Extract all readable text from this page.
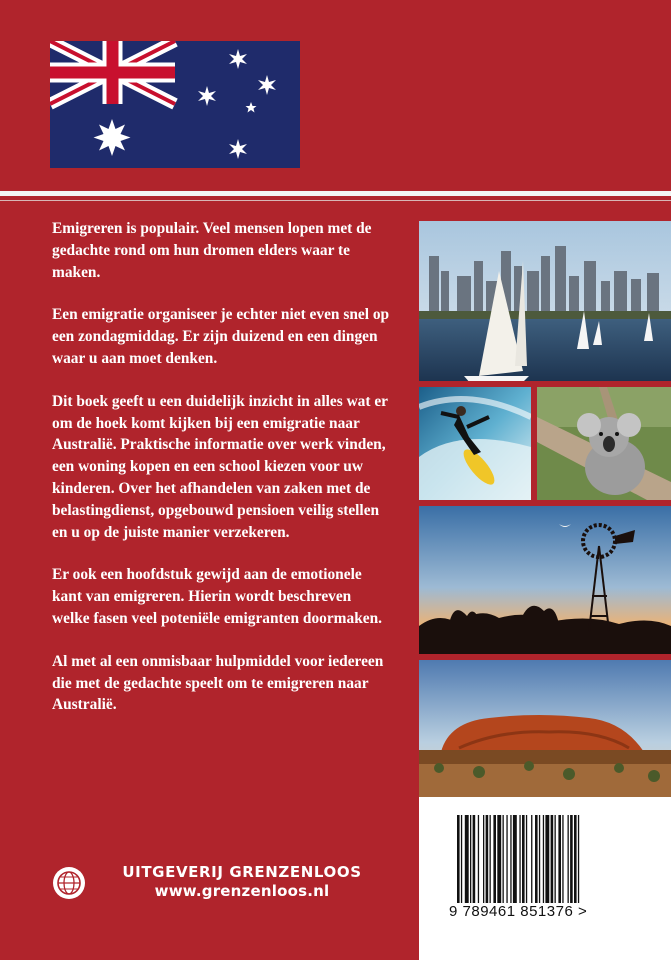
Emigreren is populair. Veel mensen lopen met de gedachte rond om hun dromen elders waar te maken.

Een emigratie organiseer je echter niet even snel op een zondagmiddag. Er zijn duizend en een dingen waar u aan moet denken.

Dit boek geeft u een duidelijk inzicht in alles wat er om de hoek komt kijken bij een emigratie naar Australië. Praktische informatie over werk vinden, een woning kopen en een school kiezen voor uw kinderen. Over het afhandelen van zaken met de belastingdienst, opgebouwd pensioen veilig stellen en u op de juiste manier verzekeren.

Er ook een hoofdstuk gewijd aan de emotionele kant van emigreren. Hierin wordt beschreven welke fasen veel poteniële emigranten doormaken.

Al met al een onmisbaar hulpmiddel voor iedereen die met de gedachte speelt om te emigreren naar Australië.

9 789461 851376 >
UITGEVERIJ GRENZENLOOS
www.grenzenloos.nl
